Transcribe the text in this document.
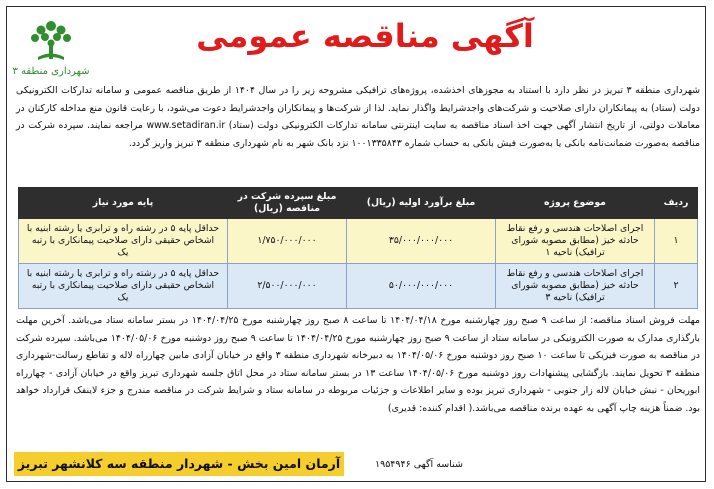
شهرداری منطقه ۳
آگهی مناقصه عمومی

شهرداری منطقه ۳ تبریز در نظر دارد با استناد به مجوزهای اخذشده، پروژه‌های ترافیکی مشروحه زیر را در سال ۱۴۰۴ از طریق مناقصه عمومی و سامانه تدارکات الکترونیکی دولت (ستاد) به پیمانکاران دارای صلاحیت و شرکت‌های واجدشرایط واگذار نماید. لذا از شرکت‌ها و پیمانکاران واجدشرایط دعوت می‌شود، با رعایت قانون منع مداخله کارکنان در معاملات دولتی، از تاریخ انتشار آگهی جهت اخذ اسناد مناقصه به سایت اینترنتی سامانه تدارکات الکترونیکی دولت (ستاد) www.setadiran.ir مراجعه نمایند. سپرده شرکت در مناقصه به‌صورت ضمانت‌نامه بانکی یا به‌صورت فیش بانکی به حساب شماره ۱۰۰۱۳۳۵۸۴۳ نزد بانک شهر به نام شهرداری منطقه ۳ تبریز واریز گردد.

ردیف	موضوع پروژه	مبلغ برآورد اولیه (ریال)	مبلغ سپرده شرکت در مناقصه (ریال)	پایه مورد نیاز
۱	اجرای اصلاحات هندسی و رفع نقاط حادثه خیز (مطابق مصوبه شورای ترافیک) ناحیه ۱	۳۵/۰۰۰/۰۰۰/۰۰۰	۱/۷۵۰/۰۰۰/۰۰۰	حداقل پایه ۵ در رشته راه و ترابری یا رشته ابنیه با اشخاص حقیقی دارای صلاحیت پیمانکاری با رتبه یک
۲	اجرای اصلاحات هندسی و رفع نقاط حادثه خیز (مطابق مصوبه شورای ترافیک) ناحیه ۳	۵۰/۰۰۰/۰۰۰/۰۰۰	۲/۵۰۰/۰۰۰/۰۰۰	حداقل پایه ۵ در رشته راه و ترابری یا رشته ابنیه با اشخاص حقیقی دارای صلاحیت پیمانکاری با رتبه یک

مهلت فروش اسناد مناقصه: از ساعت ۹ صبح روز چهارشنبه مورخ ۱۴۰۴/۰۴/۱۸ تا ساعت ۸ صبح روز چهارشنبه مورخ ۱۴۰۴/۰۴/۲۵ در بستر سامانه ستاد می‌باشد. آخرین مهلت بارگذاری مدارک به صورت الکترونیکی در سامانه ستاد از ساعت ۹ صبح روز چهارشنبه مورخ ۱۴۰۴/۰۴/۲۵ تا ساعت ۹ صبح روز دوشنبه مورخ ۱۴۰۴/۰۵/۰۶ می‌باشد. سپرده شرکت در مناقصه به صورت فیزیکی تا ساعت ۱۰ صبح روز دوشنبه مورخ ۱۴۰۴/۰۵/۰۶ به دبیرخانه شهرداری منطقه ۳ واقع در خیابان آزادی مابین چهارراه لاله و تقاطع رسالت-شهرداری منطقه ۳ تحویل نمایند. بازگشایی پیشنهادات روز دوشنبه مورخ ۱۴۰۴/۰۵/۰۶ ساعت ۱۳ در بستر سامانه ستاد در محل اتاق جلسه شهرداری تبریز واقع در خیابان آزادی - چهارراه ابوریحان - نبش خیابان لاله زار جنوبی - شهرداری تبریز بوده و سایر اطلاعات و جزئیات مربوطه در سامانه ستاد و شرایط شرکت در مناقصه مندرج و جزء لاینفک قرارداد خواهد بود. ضمناً هزینه چاپ آگهی به عهده برنده مناقصه می‌باشد.( اقدام کننده: قدیری)

شناسه آگهی ۱۹۵۴۹۴۶
آرمان امین بخش - شهردار منطقه سه کلانشهر تبریز
